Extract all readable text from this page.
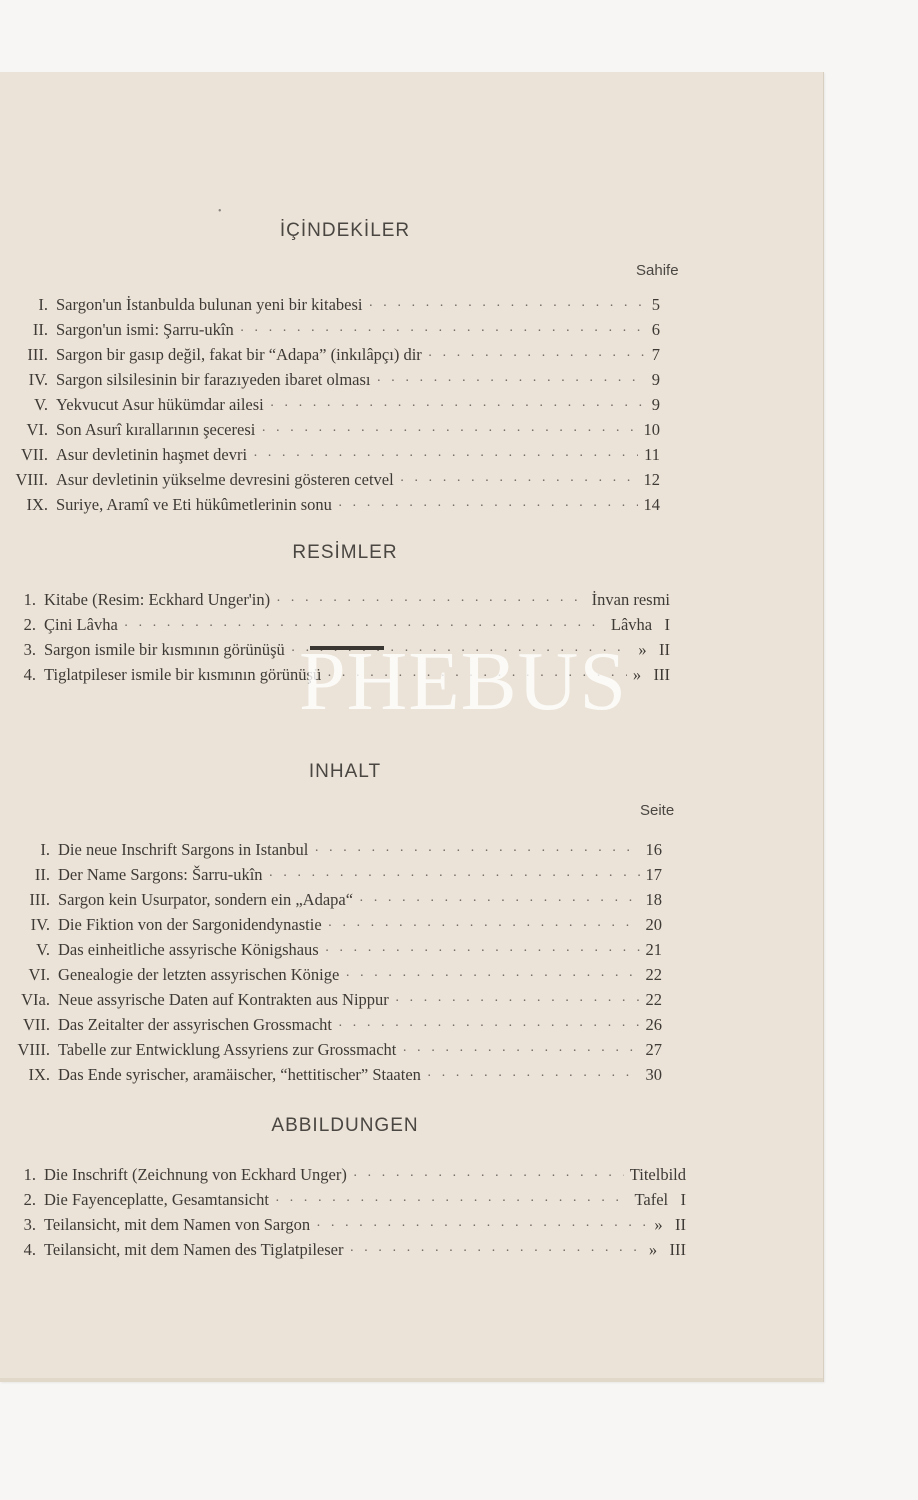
•
İÇİNDEKİLER
Sahife
I. Sargon'un İstanbulda bulunan yeni bir kitabesi · · ·	5
II. Sargon'un ismi: Şarru-ukîn · · ·	6
III. Sargon bir gasıp değil, fakat bir “Adapa” (inkılâpçı) dir · · ·	7
IV. Sargon silsilesinin bir farazıyeden ibaret olması · · ·	9
V. Yekvucut Asur hükümdar ailesi · · ·	9
VI. Son Asurî kırallarının şeceresi · · ·	10
VII. Asur devletinin haşmet devri · · ·	11
VIII. Asur devletinin yükselme devresini gösteren cetvel · · ·	12
IX. Suriye, Aramî ve Eti hükûmetlerinin sonu · · ·	14
RESİMLER
1. Kitabe (Resim: Eckhard Unger'in) · · ·	İnvan resmi
2. Çini Lâvha · · ·	Lâvha   I
3. Sargon ismile bir kısmının görünüşü · · ·	»   II
4. Tiglatpileser ismile bir kısmının görünüşü · · ·	»   III
INHALT
Seite
I. Die neue Inschrift Sargons in Istanbul · · ·	16
II. Der Name Sargons: Šarru-ukîn · · ·	17
III. Sargon kein Usurpator, sondern ein „Adapa“ · · ·	18
IV. Die Fiktion von der Sargonidendynastie · · ·	20
V. Das einheitliche assyrische Königshaus · · ·	21
VI. Genealogie der letzten assyrischen Könige · · ·	22
VIa. Neue assyrische Daten auf Kontrakten aus Nippur · · ·	22
VII. Das Zeitalter der assyrischen Grossmacht · · ·	26
VIII. Tabelle zur Entwicklung Assyriens zur Grossmacht · · ·	27
IX. Das Ende syrischer, aramäischer, “hettitischer” Staaten · · ·	30
ABBILDUNGEN
1. Die Inschrift (Zeichnung von Eckhard Unger) · · ·	Titelbild
2. Die Fayenceplatte, Gesamtansicht · · ·	Tafel   I
3. Teilansicht, mit dem Namen von Sargon · · ·	»   II
4. Teilansicht, mit dem Namen des Tiglatpileser · · ·	»   III
PHEBUS
